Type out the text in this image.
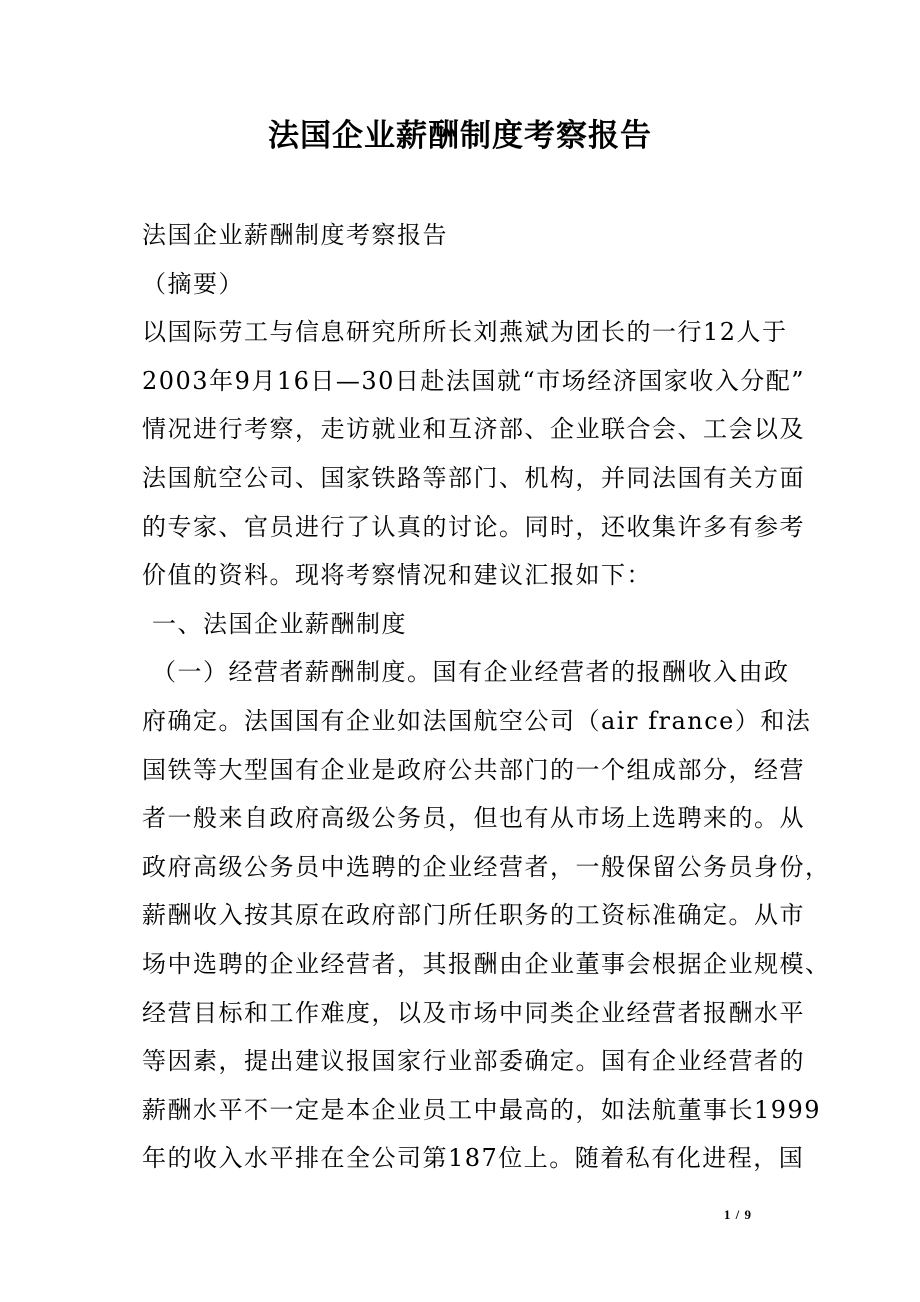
法国企业薪酬制度考察报告
法国企业薪酬制度考察报告
（摘要）
以国际劳工与信息研究所所长刘燕斌为团长的一行12人于
2003年9月16日—30日赴法国就“市场经济国家收入分配”
情况进行考察，走访就业和互济部、企业联合会、工会以及
法国航空公司、国家铁路等部门、机构，并同法国有关方面
的专家、官员进行了认真的讨论。同时，还收集许多有参考
价值的资料。现将考察情况和建议汇报如下：
一、法国企业薪酬制度
（一）经营者薪酬制度。国有企业经营者的报酬收入由政
府确定。法国国有企业如法国航空公司（air france）和法
国铁等大型国有企业是政府公共部门的一个组成部分，经营
者一般来自政府高级公务员，但也有从市场上选聘来的。从
政府高级公务员中选聘的企业经营者，一般保留公务员身份，
薪酬收入按其原在政府部门所任职务的工资标准确定。从市
场中选聘的企业经营者，其报酬由企业董事会根据企业规模、
经营目标和工作难度，以及市场中同类企业经营者报酬水平
等因素，提出建议报国家行业部委确定。国有企业经营者的
薪酬水平不一定是本企业员工中最高的，如法航董事长1999
年的收入水平排在全公司第187位上。随着私有化进程，国
1 / 9
